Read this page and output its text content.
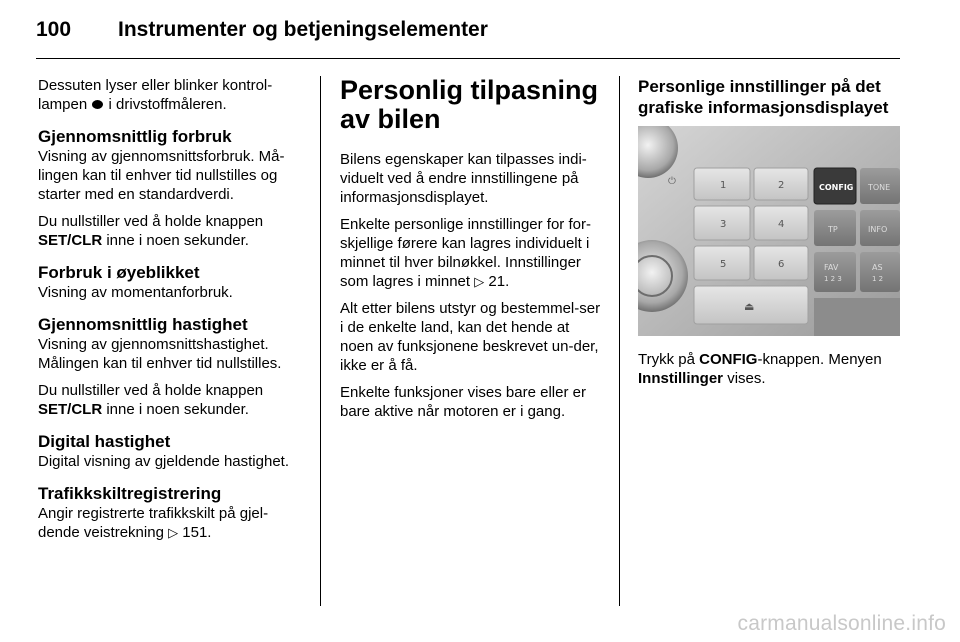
100 Instrumenter og betjeningselementer

Dessuten lyser eller blinker kontrol-lampen i drivstoffmåleren.

Gjennomsnittlig forbruk

Visning av gjennomsnittsforbruk. Må-lingen kan til enhver tid nullstilles og starter med en standardverdi.

Du nullstiller ved å holde knappen SET/CLR inne i noen sekunder.

Forbruk i øyeblikket

Visning av momentanforbruk.

Gjennomsnittlig hastighet

Visning av gjennomsnittshastighet. Målingen kan til enhver tid nullstilles.

Du nullstiller ved å holde knappen SET/CLR inne i noen sekunder.

Digital hastighet

Digital visning av gjeldende hastighet.

Trafikkskiltregistrering

Angir registrerte trafikkskilt på gjel-dende veistrekning ▷ 151.

Personlig tilpasning av bilen

Bilens egenskaper kan tilpasses indi-viduelt ved å endre innstillingene på informasjonsdisplayet.

Enkelte personlige innstillinger for for-skjellige førere kan lagres individuelt i minnet til hver bilnøkkel. Innstillinger som lagres i minnet ▷ 21.

Alt etter bilens utstyr og bestemmel-ser i de enkelte land, kan det hende at noen av funksjonene beskrevet un-der, ikke er å få.

Enkelte funksjoner vises bare eller er bare aktive når motoren er i gang.

Personlige innstillinger på det grafiske informasjonsdisplayet
⏻	1	2
3	4
5	6
⏏
CONFIG TONE
TP	INFO
FAV
1 2 3
AS
1 2

Trykk på CONFIG-knappen. Menyen Innstillinger vises.

carmanualsonline.info
